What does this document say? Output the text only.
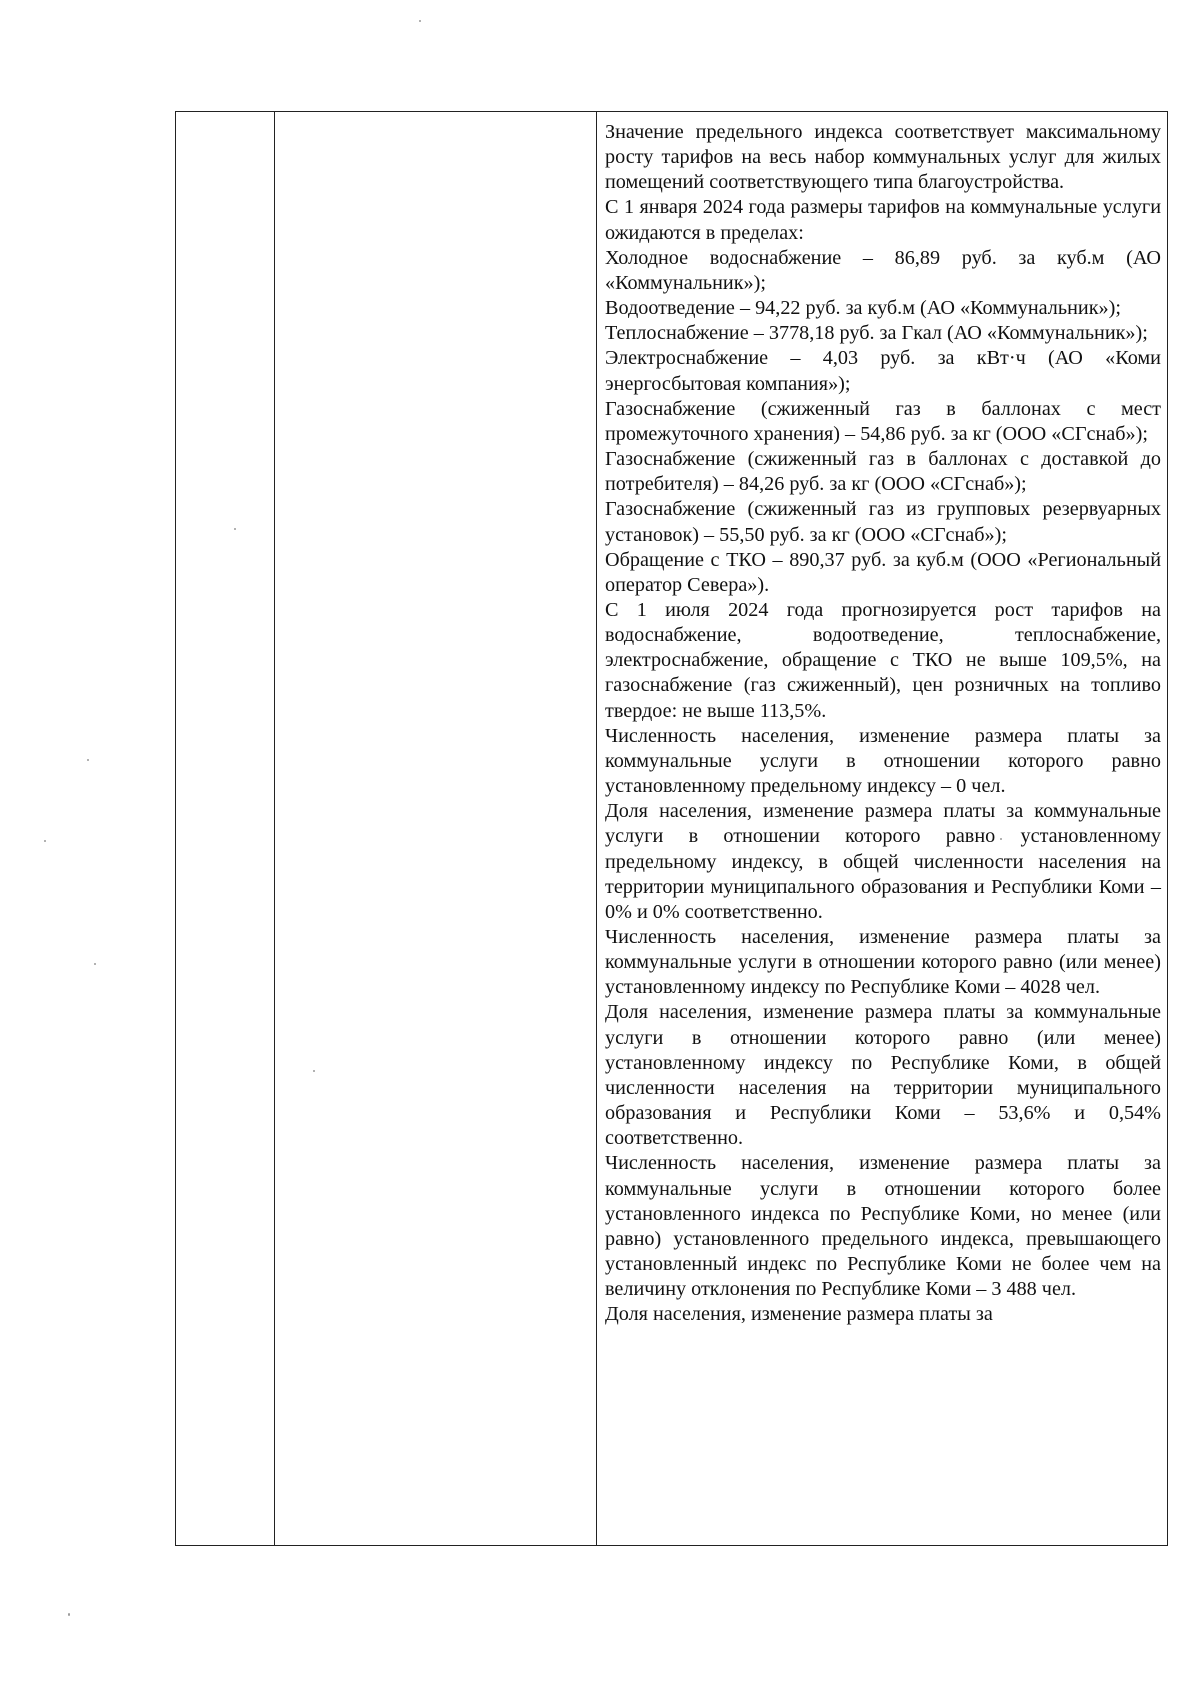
Значение предельного индекса соответствует максимальному росту тарифов на весь набор коммунальных услуг для жилых помещений соответствующего типа благоустройства.

С 1 января 2024 года размеры тарифов на коммунальные услуги ожидаются в пределах:

Холодное водоснабжение – 86,89 руб. за куб.м (АО «Коммунальник»);

Водоотведение – 94,22 руб. за куб.м (АО «Коммунальник»);

Теплоснабжение – 3778,18 руб. за Гкал (АО «Коммунальник»);

Электроснабжение – 4,03 руб. за кВт·ч (АО «Коми энергосбытовая компания»);

Газоснабжение (сжиженный газ в баллонах с мест промежуточного хранения) – 54,86 руб. за кг (ООО «СГснаб»);

Газоснабжение (сжиженный газ в баллонах с доставкой до потребителя) – 84,26 руб. за кг (ООО «СГснаб»);

Газоснабжение (сжиженный газ из групповых резервуарных установок) – 55,50 руб. за кг (ООО «СГснаб»);

Обращение с ТКО – 890,37 руб. за куб.м (ООО «Региональный оператор Севера»).

С 1 июля 2024 года прогнозируется рост тарифов на водоснабжение, водоотведение, теплоснабжение, электроснабжение, обращение с ТКО не выше 109,5%, на газоснабжение (газ сжиженный), цен розничных на топливо твердое: не выше 113,5%.

Численность населения, изменение размера платы за коммунальные услуги в отношении которого равно установленному предельному индексу – 0 чел.

Доля населения, изменение размера платы за коммунальные услуги в отношении которого равно установленному предельному индексу, в общей численности населения на территории муниципального образования и Республики Коми – 0% и 0% соответственно.

Численность населения, изменение размера платы за коммунальные услуги в отношении которого равно (или менее) установленному индексу по Республике Коми – 4028 чел.

Доля населения, изменение размера платы за коммунальные услуги в отношении которого равно (или менее) установленному индексу по Республике Коми, в общей численности населения на территории муниципального образования и Республики Коми – 53,6% и 0,54% соответственно.

Численность населения, изменение размера платы за коммунальные услуги в отношении которого более установленного индекса по Республике Коми, но менее (или равно) установленного предельного индекса, превышающего установленный индекс по Республике Коми не более чем на величину отклонения по Республике Коми – 3 488 чел.

Доля населения, изменение размера платы за
